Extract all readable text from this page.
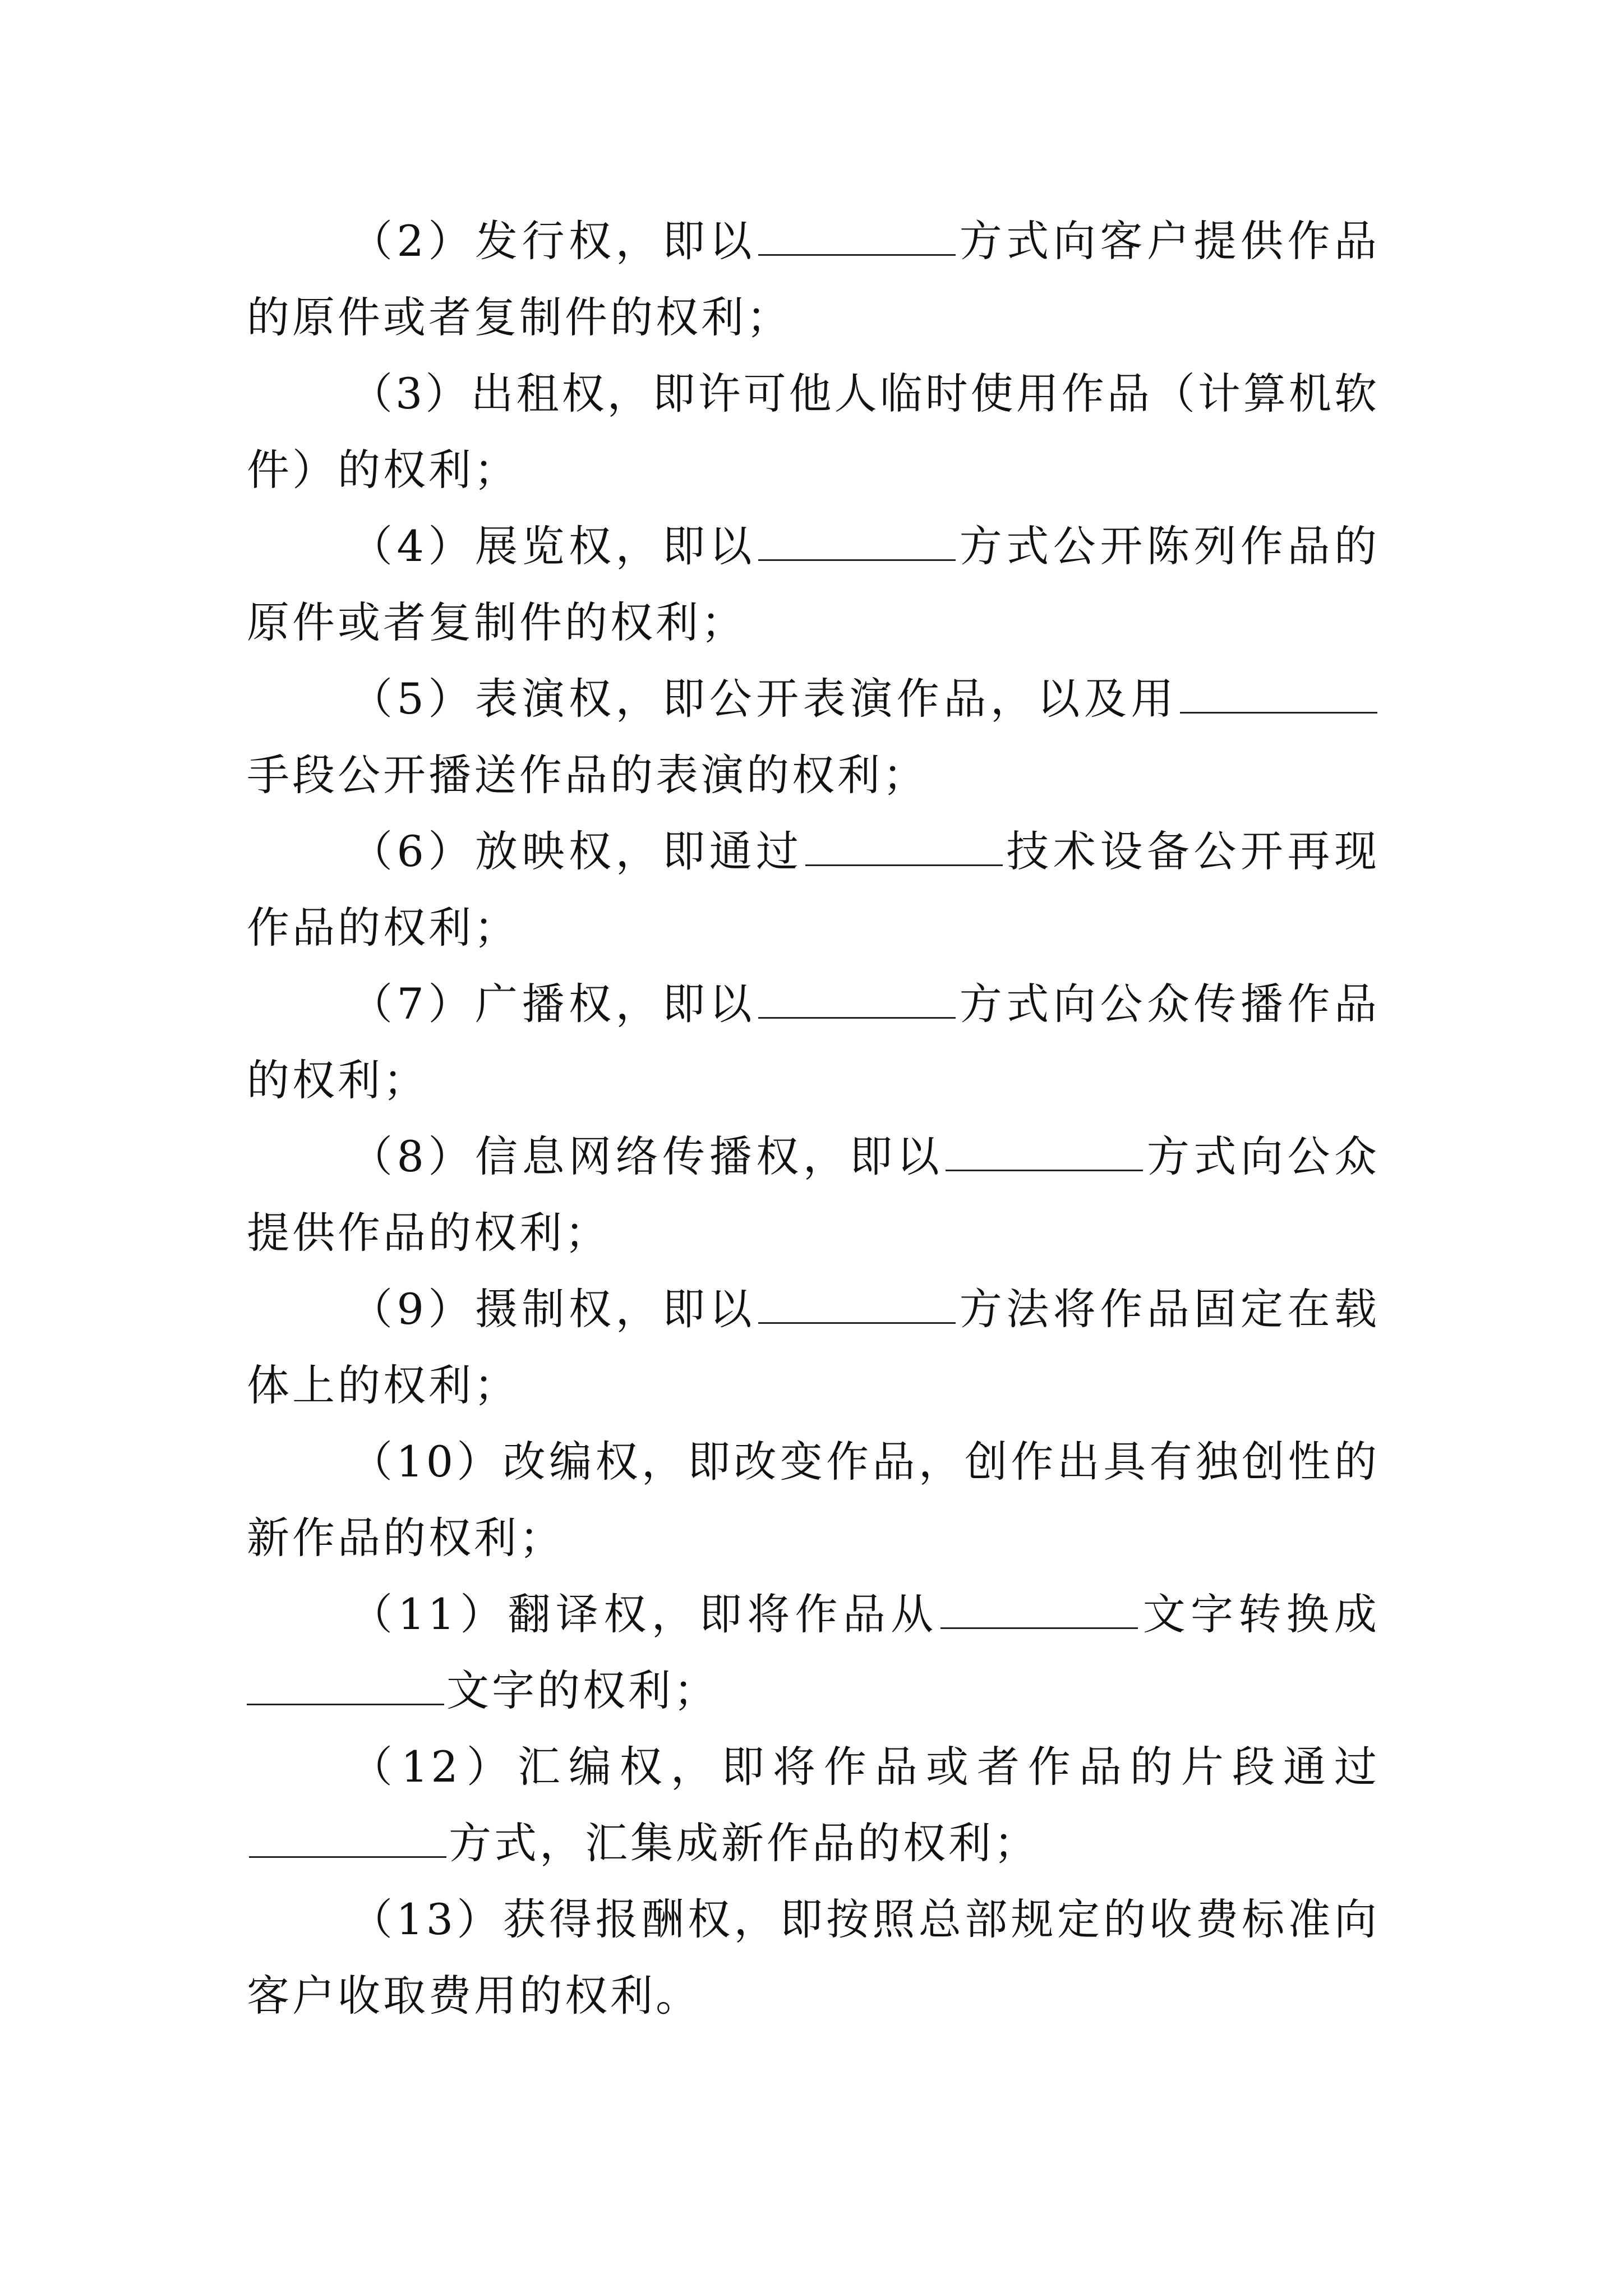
（2）发行权，即以	方式向客户提供作品的原件或者复制件的权利；

（3）出租权，即许可他人临时使用作品（计算机软件）的权利；

（4）展览权，即以	方式公开陈列作品的原件或者复制件的权利；

（5）表演权，即公开表演作品，以及用手段公开播送作品的表演的权利；

（6）放映权，即通过	技术设备公开再现作品的权利；

（7）广播权，即以	方式向公众传播作品的权利；

（8）信息网络传播权，即以	方式向公众提供作品的权利；

（9）摄制权，即以	方法将作品固定在载体上的权利；

（10）改编权，即改变作品，创作出具有独创性的新作品的权利；

（11）翻译权，即将作品从	文字转换成文字的权利；

（12）汇编权，即将作品或者作品的片段通过方式，汇集成新作品的权利；

（13）获得报酬权，即按照总部规定的收费标准向客户收取费用的权利。
